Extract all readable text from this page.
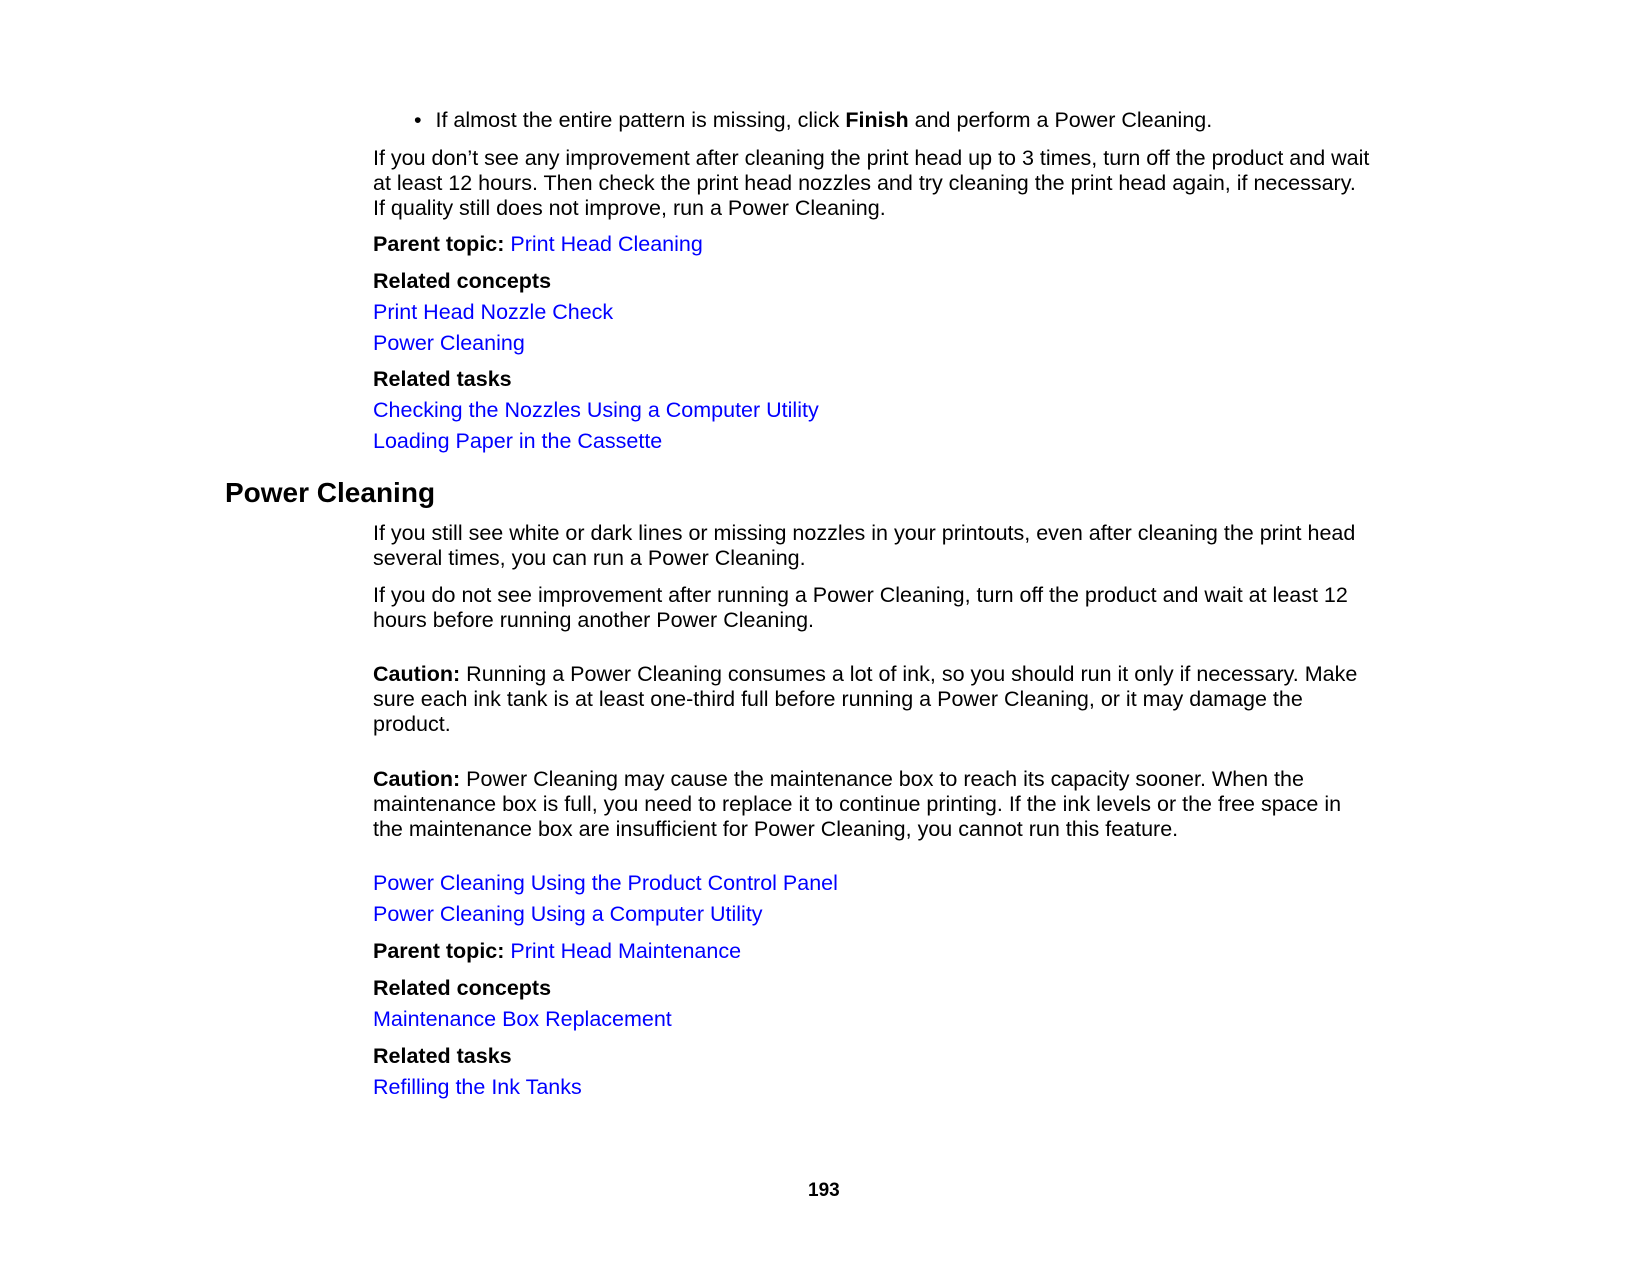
• If almost the entire pattern is missing, click Finish and perform a Power Cleaning.
If you don’t see any improvement after cleaning the print head up to 3 times, turn off the product and wait
at least 12 hours. Then check the print head nozzles and try cleaning the print head again, if necessary.
If quality still does not improve, run a Power Cleaning.
Parent topic: Print Head Cleaning
Related concepts
Print Head Nozzle Check
Power Cleaning
Related tasks
Checking the Nozzles Using a Computer Utility
Loading Paper in the Cassette
Power Cleaning
If you still see white or dark lines or missing nozzles in your printouts, even after cleaning the print head
several times, you can run a Power Cleaning.
If you do not see improvement after running a Power Cleaning, turn off the product and wait at least 12
hours before running another Power Cleaning.
Caution: Running a Power Cleaning consumes a lot of ink, so you should run it only if necessary. Make
sure each ink tank is at least one-third full before running a Power Cleaning, or it may damage the
product.
Caution: Power Cleaning may cause the maintenance box to reach its capacity sooner. When the
maintenance box is full, you need to replace it to continue printing. If the ink levels or the free space in
the maintenance box are insufficient for Power Cleaning, you cannot run this feature.
Power Cleaning Using the Product Control Panel
Power Cleaning Using a Computer Utility
Parent topic: Print Head Maintenance
Related concepts
Maintenance Box Replacement
Related tasks
Refilling the Ink Tanks
193
